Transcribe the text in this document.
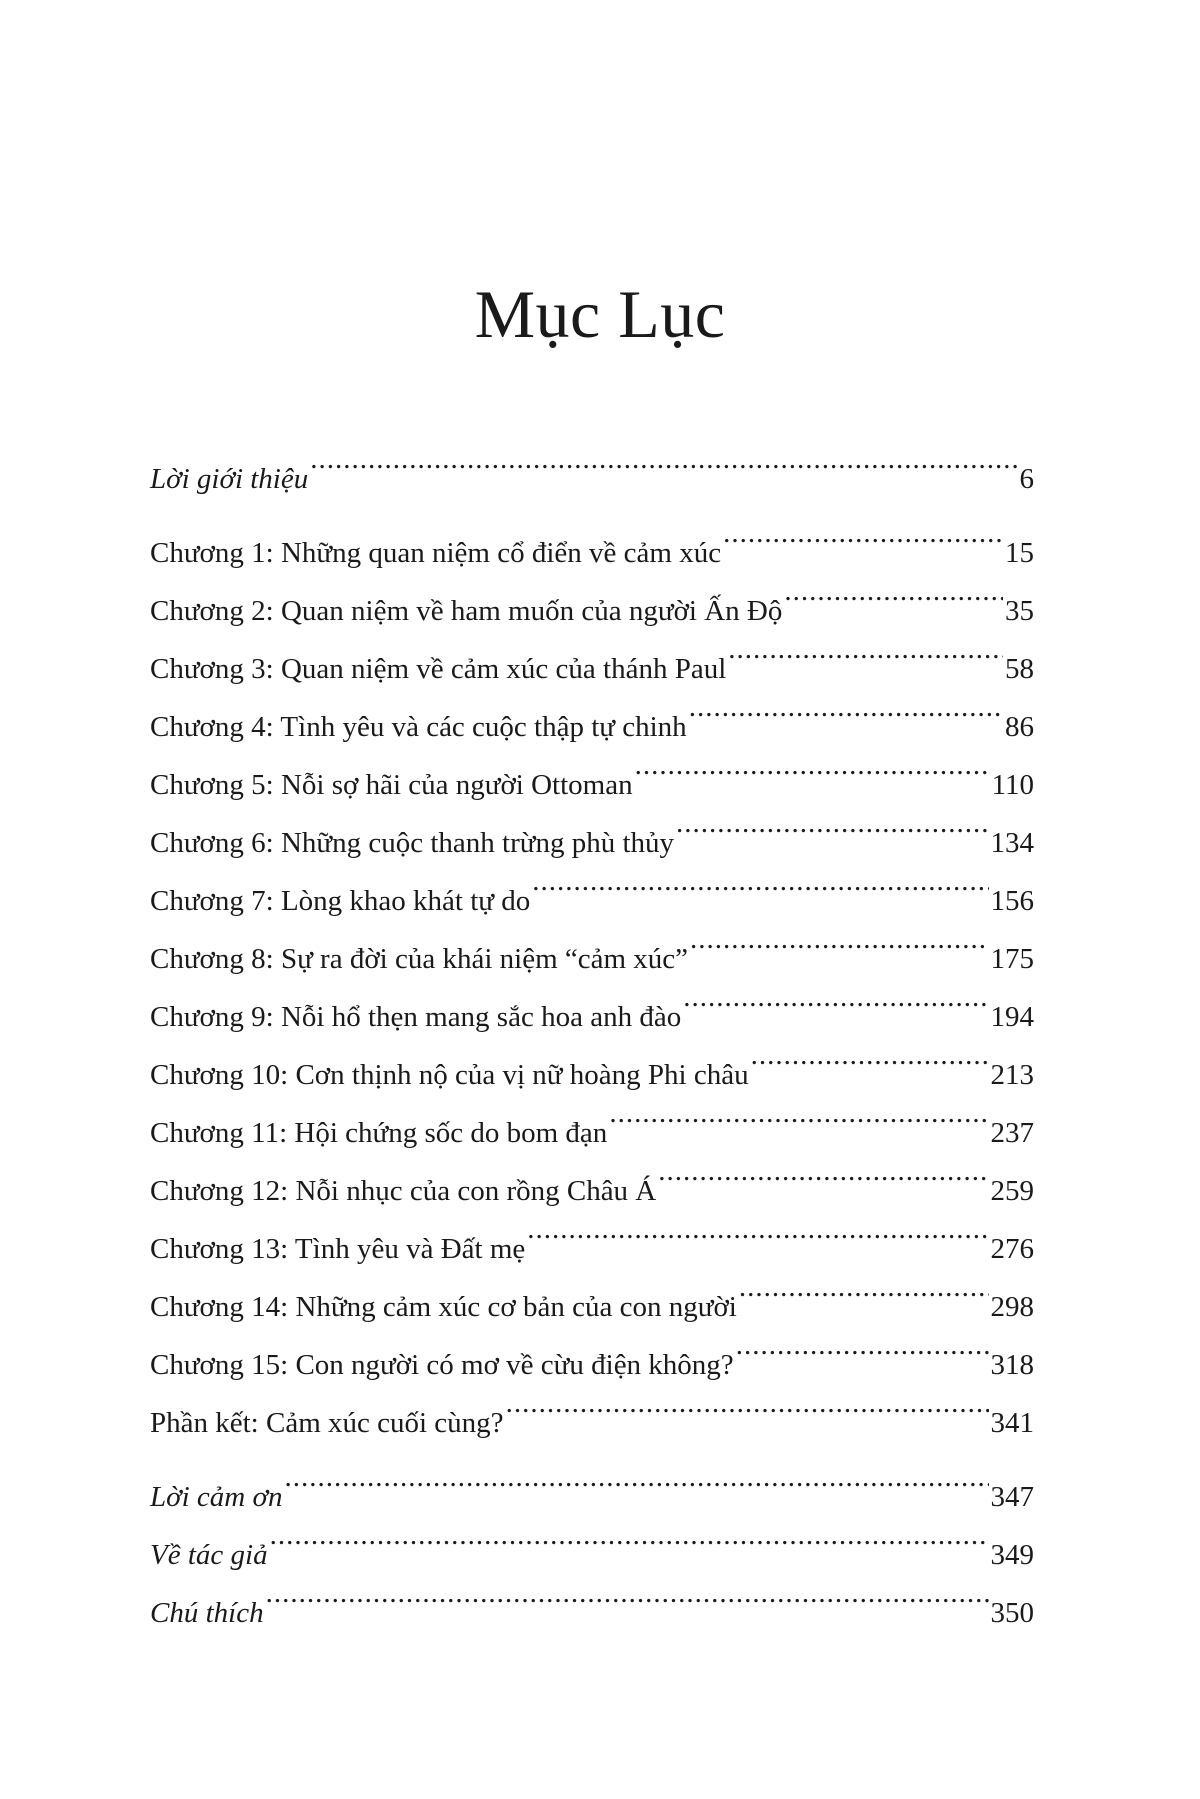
Mục Lục
Lời giới thiệu .....	6
Chương 1: Những quan niệm cổ điển về cảm xúc .....	15
Chương 2: Quan niệm về ham muốn của người Ấn Độ .....	35
Chương 3: Quan niệm về cảm xúc của thánh Paul .....	58
Chương 4: Tình yêu và các cuộc thập tự chinh .....	86
Chương 5: Nỗi sợ hãi của người Ottoman .....	110
Chương 6: Những cuộc thanh trừng phù thủy .....	134
Chương 7: Lòng khao khát tự do .....	156
Chương 8: Sự ra đời của khái niệm “cảm xúc” .....	175
Chương 9: Nỗi hổ thẹn mang sắc hoa anh đào .....	194
Chương 10: Cơn thịnh nộ của vị nữ hoàng Phi châu .....	213
Chương 11: Hội chứng sốc do bom đạn .....	237
Chương 12: Nỗi nhục của con rồng Châu Á .....	259
Chương 13: Tình yêu và Đất mẹ .....	276
Chương 14: Những cảm xúc cơ bản của con người .....	298
Chương 15: Con người có mơ về cừu điện không? .....	318
Phần kết: Cảm xúc cuối cùng? .....	341
Lời cảm ơn .....	347
Về tác giả .....	349
Chú thích .....	350
